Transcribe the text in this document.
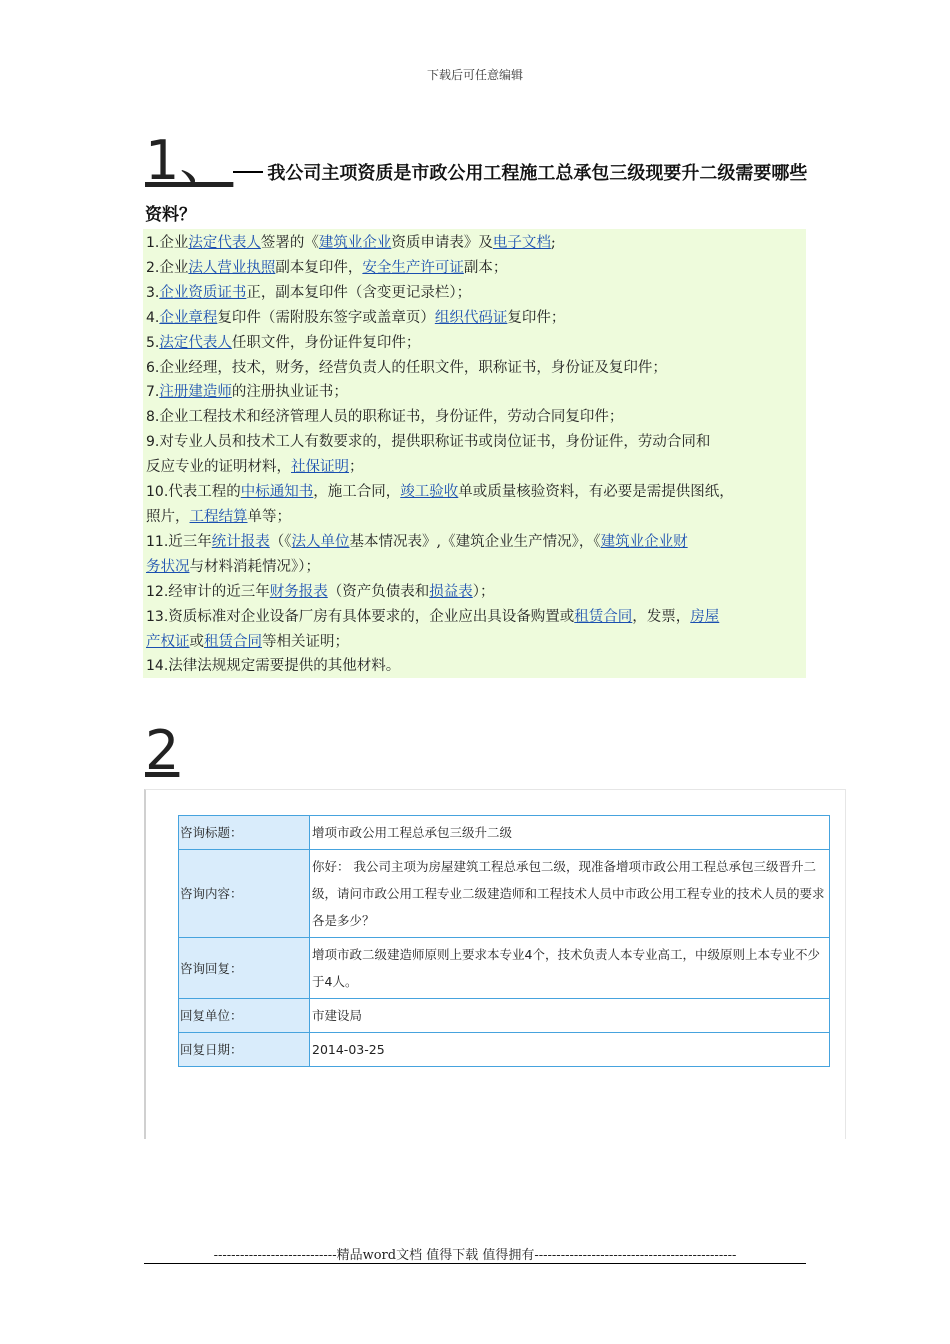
下载后可任意编辑
1、 我公司主项资质是市政公用工程施工总承包三级现要升二级需要哪些
资料？
1.企业法定代表人签署的《建筑业企业资质申请表》及电子文档;
2.企业法人营业执照副本复印件，安全生产许可证副本；
3.企业资质证书正，副本复印件（含变更记录栏）；
4.企业章程复印件（需附股东签字或盖章页）组织代码证复印件；
5.法定代表人任职文件，身份证件复印件；
6.企业经理，技术，财务，经营负责人的任职文件，职称证书，身份证及复印件；
7.注册建造师的注册执业证书；
8.企业工程技术和经济管理人员的职称证书，身份证件，劳动合同复印件；
9.对专业人员和技术工人有数要求的，提供职称证书或岗位证书，身份证件，劳动合同和
反应专业的证明材料，社保证明；
10.代表工程的中标通知书，施工合同，竣工验收单或质量核验资料，有必要是需提供图纸，
照片，工程结算单等；
11.近三年统计报表（《法人单位基本情况表》,《建筑企业生产情况》，《建筑业企业财
务状况与材料消耗情况》）；
12.经审计的近三年财务报表（资产负债表和损益表）；
13.资质标准对企业设备厂房有具体要求的，企业应出具设备购置或租赁合同，发票，房屋
产权证或租赁合同等相关证明；
14.法律法规规定需要提供的其他材料。
2
咨询标题：	增项市政公用工程总承包三级升二级
咨询内容：	你好： 我公司主项为房屋建筑工程总承包二级，现准备增项市政公用工程总承包三级晋升二级，请问市政公用工程专业二级建造师和工程技术人员中市政公用工程专业的技术人员的要求各是多少？
咨询回复：	增项市政二级建造师原则上要求本专业4个，技术负责人本专业高工，中级原则上本专业不少于4人。
回复单位：	市建设局
回复日期：	2014-03-25
----------------------------精品word文档 值得下载 值得拥有----------------------------------------------
